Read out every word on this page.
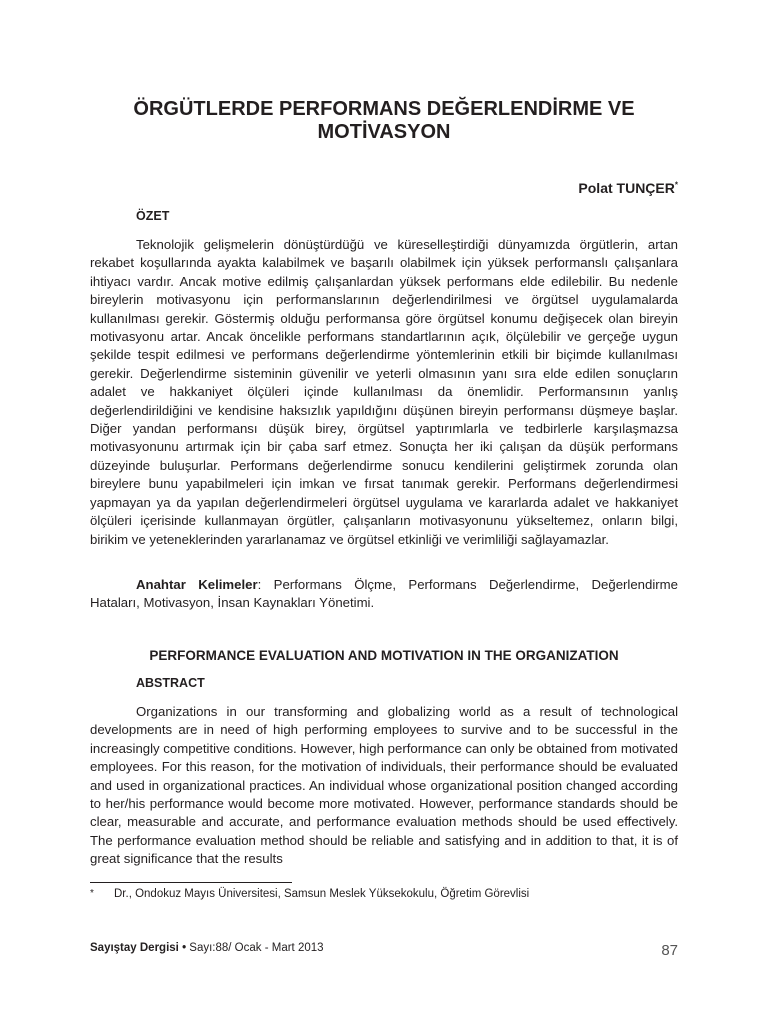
ÖRGÜTLERDE PERFORMANS DEĞERLENDİRME VE
MOTİVASYON
Polat TUNÇER*
ÖZET

Teknolojik gelişmelerin dönüştürdüğü ve küreselleştirdiği dünyamızda örgütlerin, artan rekabet koşullarında ayakta kalabilmek ve başarılı olabilmek için yüksek performanslı çalışanlara ihtiyacı vardır. Ancak motive edilmiş çalışanlardan yüksek performans elde edilebilir. Bu nedenle bireylerin motivasyonu için performanslarının değerlendirilmesi ve örgütsel uygulamalarda kullanılması gerekir. Göstermiş olduğu performansa göre örgütsel konumu değişecek olan bireyin motivasyonu artar. Ancak öncelikle performans standartlarının açık, ölçülebilir ve gerçeğe uygun şekilde tespit edilmesi ve performans değerlendirme yöntemlerinin etkili bir biçimde kullanılması gerekir. Değerlendirme sisteminin güvenilir ve yeterli olmasının yanı sıra elde edilen sonuçların adalet ve hakkaniyet ölçüleri içinde kullanılması da önemlidir. Performansının yanlış değerlendirildiğini ve kendisine haksızlık yapıldığını düşünen bireyin performansı düşmeye başlar. Diğer yandan performansı düşük birey, örgütsel yaptırımlarla ve tedbirlerle karşılaşmazsa motivasyonunu artırmak için bir çaba sarf etmez. Sonuçta her iki çalışan da düşük performans düzeyinde buluşurlar. Performans değerlendirme sonucu kendilerini geliştirmek zorunda olan bireylere bunu yapabilmeleri için imkan ve fırsat tanımak gerekir. Performans değerlendirmesi yapmayan ya da yapılan değerlendirmeleri örgütsel uygulama ve kararlarda adalet ve hakkaniyet ölçüleri içerisinde kullanmayan örgütler, çalışanların motivasyonunu yükseltemez, onların bilgi, birikim ve yeteneklerinden yararlanamaz ve örgütsel etkinliği ve verimliliği sağlayamazlar.

Anahtar Kelimeler: Performans Ölçme, Performans Değerlendirme, Değerlendirme Hataları, Motivasyon, İnsan Kaynakları Yönetimi.

PERFORMANCE EVALUATION AND MOTIVATION IN THE ORGANIZATION
ABSTRACT

Organizations in our transforming and globalizing world as a result of technological developments are in need of high performing employees to survive and to be successful in the increasingly competitive conditions. However, high performance can only be obtained from motivated employees. For this reason, for the motivation of individuals, their performance should be evaluated and used in organizational practices. An individual whose organizational position changed according to her/his performance would become more motivated. However, performance standards should be clear, measurable and accurate, and performance evaluation methods should be used effectively. The performance evaluation method should be reliable and satisfying and in addition to that, it is of great significance that the results

* Dr., Ondokuz Mayıs Üniversitesi, Samsun Meslek Yüksekokulu, Öğretim Görevlisi
Sayıştay Dergisi • Sayı:88/ Ocak - Mart 2013	87
